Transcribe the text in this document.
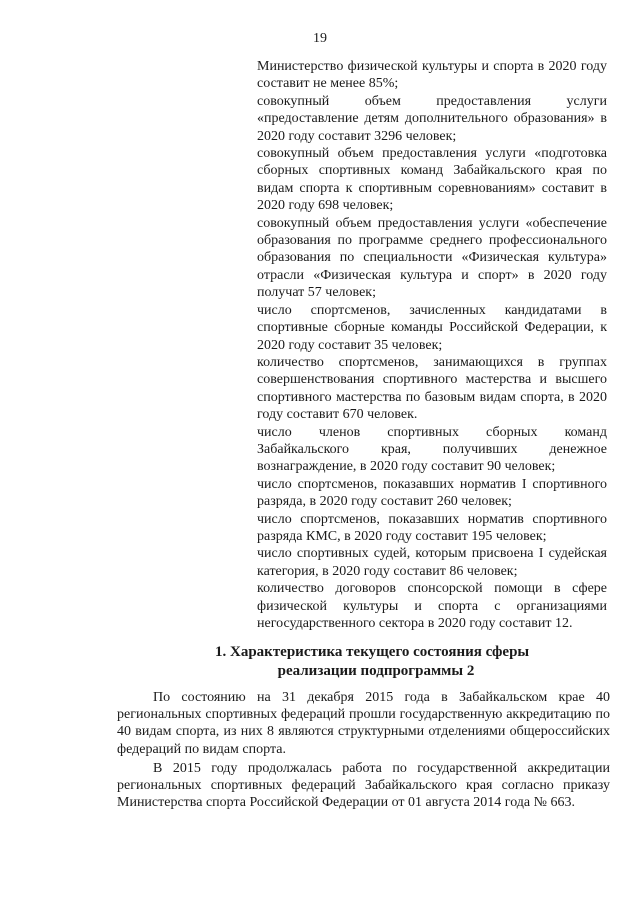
19

Министерство физической культуры и спорта в 2020 году составит не менее 85%;

совокупный объем предоставления услуги «предоставление детям дополнительного образования» в 2020 году составит 3296 человек;

совокупный объем предоставления услуги «подготовка сборных спортивных команд Забайкальского края по видам спорта к спортивным соревнованиям» составит в 2020 году 698 человек;

совокупный объем предоставления услуги «обеспечение образования по программе среднего профессионального образования по специальности «Физическая культура» отрасли «Физическая культура и спорт» в 2020 году получат 57 человек;

число спортсменов, зачисленных кандидатами в спортивные сборные команды Российской Федерации, к 2020 году составит 35 человек;

количество спортсменов, занимающихся в группах совершенствования спортивного мастерства и высшего спортивного мастерства по базовым видам спорта, в 2020 году составит 670 человек.

число членов спортивных сборных команд Забайкальского края, получивших денежное вознаграждение, в 2020 году составит 90 человек;

число спортсменов, показавших норматив I спортивного разряда, в 2020 году составит 260 человек;

число спортсменов, показавших норматив спортивного разряда КМС, в 2020 году составит 195 человек;

число спортивных судей, которым присвоена I судейская категория, в 2020 году составит 86 человек;

количество договоров спонсорской помощи в сфере физической культуры и спорта с организациями негосударственного сектора в 2020 году составит 12.

1. Характеристика текущего состояния сферы
реализации подпрограммы 2

По состоянию на 31 декабря 2015 года в Забайкальском крае 40 региональных спортивных федераций прошли государственную аккредитацию по 40 видам спорта, из них 8 являются структурными отделениями общероссийских федераций по видам спорта.

В 2015 году продолжалась работа по государственной аккредитации региональных спортивных федераций Забайкальского края согласно приказу Министерства спорта Российской Федерации от 01 августа 2014 года № 663.
